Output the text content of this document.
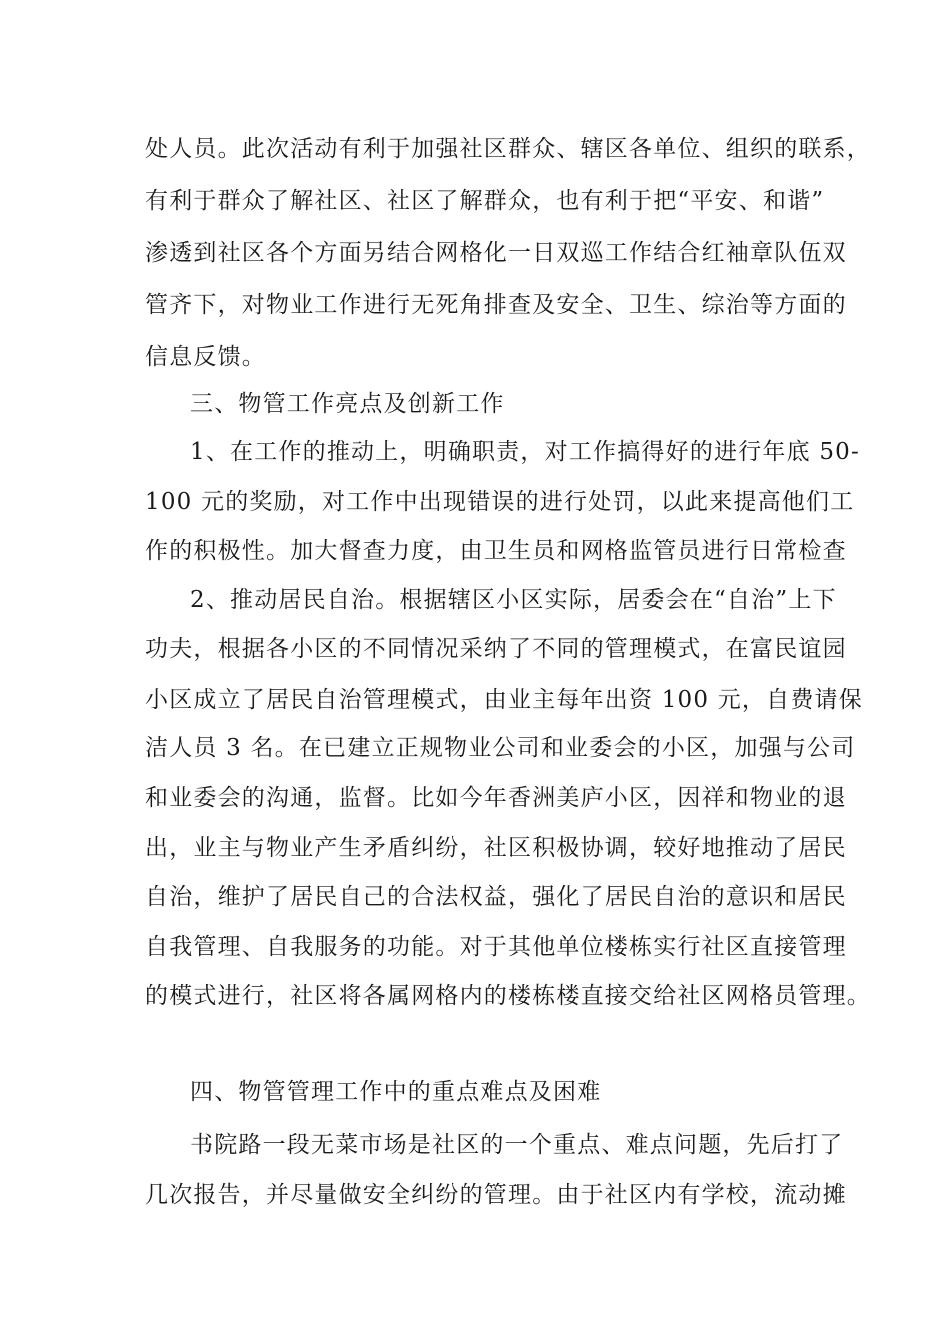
处人员。此次活动有利于加强社区群众、辖区各单位、组织的联系，
有利于群众了解社区、社区了解群众，也有利于把“平安、和谐”
渗透到社区各个方面另结合网格化一日双巡工作结合红袖章队伍双
管齐下，对物业工作进行无死角排查及安全、卫生、综治等方面的
信息反馈。
三、物管工作亮点及创新工作
1、在工作的推动上，明确职责，对工作搞得好的进行年底 50-
100 元的奖励，对工作中出现错误的进行处罚，以此来提高他们工
作的积极性。加大督查力度，由卫生员和网格监管员进行日常检查
2、推动居民自治。根据辖区小区实际，居委会在“自治”上下
功夫，根据各小区的不同情况采纳了不同的管理模式，在富民谊园
小区成立了居民自治管理模式，由业主每年出资 100 元，自费请保
洁人员 3 名。在已建立正规物业公司和业委会的小区，加强与公司
和业委会的沟通，监督。比如今年香洲美庐小区，因祥和物业的退
出，业主与物业产生矛盾纠纷，社区积极协调，较好地推动了居民
自治，维护了居民自己的合法权益，强化了居民自治的意识和居民
自我管理、自我服务的功能。对于其他单位楼栋实行社区直接管理
的模式进行，社区将各属网格内的楼栋楼直接交给社区网格员管理。
四、物管管理工作中的重点难点及困难
书院路一段无菜市场是社区的一个重点、难点问题，先后打了
几次报告，并尽量做安全纠纷的管理。由于社区内有学校，流动摊
